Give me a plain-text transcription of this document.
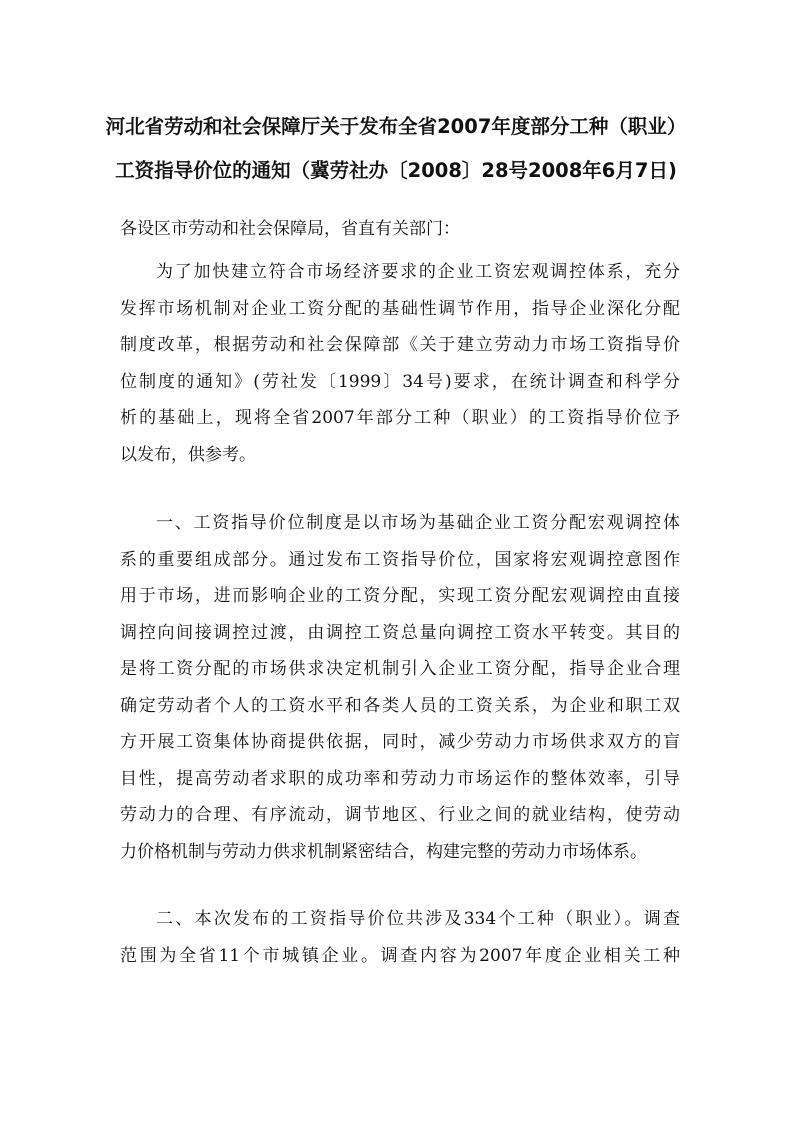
河北省劳动和社会保障厅关于发布全省2007年度部分工种（职业）
工资指导价位的通知（冀劳社办〔2008〕28号2008年6月7日)
各设区市劳动和社会保障局，省直有关部门：
为了加快建立符合市场经济要求的企业工资宏观调控体系，充分
发挥市场机制对企业工资分配的基础性调节作用，指导企业深化分配
制度改革，根据劳动和社会保障部《关于建立劳动力市场工资指导价
位制度的通知》(劳社发〔1999〕34号)要求，在统计调查和科学分
析的基础上，现将全省2007年部分工种（职业）的工资指导价位予
以发布，供参考。
一、工资指导价位制度是以市场为基础企业工资分配宏观调控体
系的重要组成部分。通过发布工资指导价位，国家将宏观调控意图作
用于市场，进而影响企业的工资分配，实现工资分配宏观调控由直接
调控向间接调控过渡，由调控工资总量向调控工资水平转变。其目的
是将工资分配的市场供求决定机制引入企业工资分配，指导企业合理
确定劳动者个人的工资水平和各类人员的工资关系，为企业和职工双
方开展工资集体协商提供依据，同时，减少劳动力市场供求双方的盲
目性，提高劳动者求职的成功率和劳动力市场运作的整体效率，引导
劳动力的合理、有序流动，调节地区、行业之间的就业结构，使劳动
力价格机制与劳动力供求机制紧密结合，构建完整的劳动力市场体系。
二、本次发布的工资指导价位共涉及334个工种（职业）。调查
范围为全省11个市城镇企业。调查内容为2007年度企业相关工种
